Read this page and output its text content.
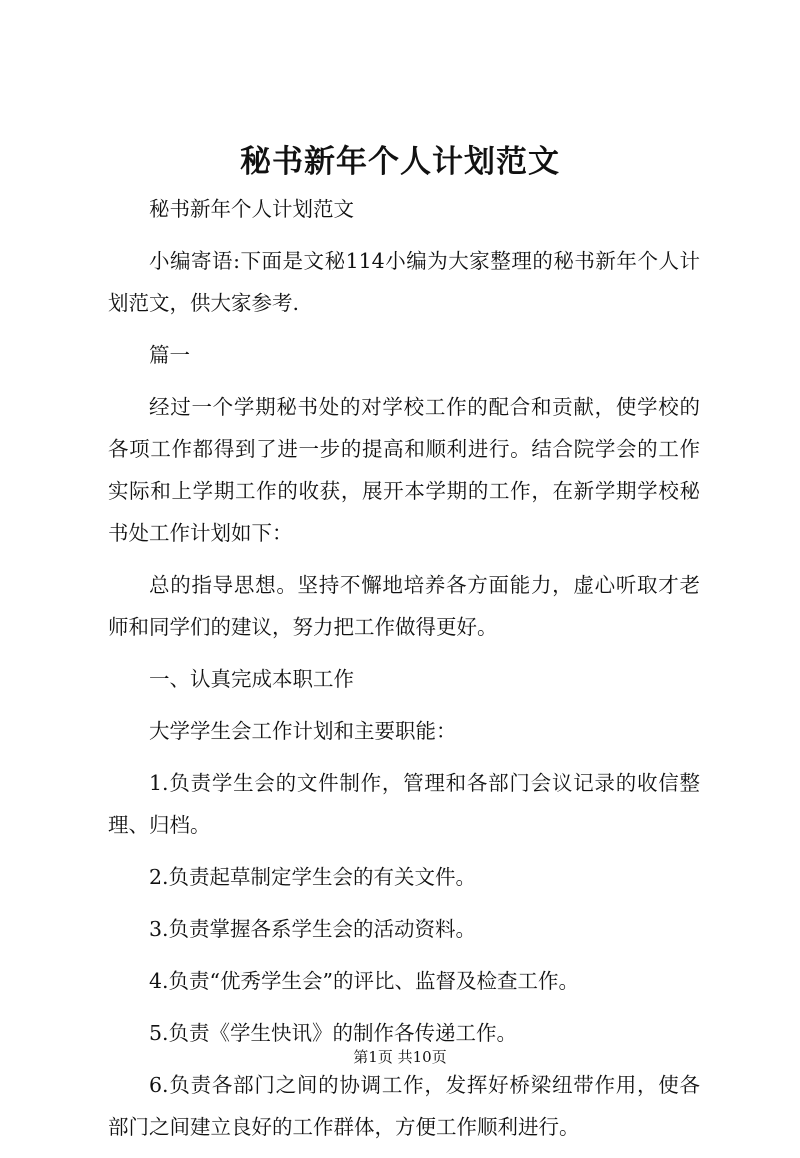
秘书新年个人计划范文

秘书新年个人计划范文

小编寄语:下面是文秘114小编为大家整理的秘书新年个人计划范文，供大家参考.

篇一

经过一个学期秘书处的对学校工作的配合和贡献，使学校的各项工作都得到了进一步的提高和顺利进行。结合院学会的工作实际和上学期工作的收获，展开本学期的工作，在新学期学校秘书处工作计划如下：

总的指导思想。坚持不懈地培养各方面能力，虚心听取才老师和同学们的建议，努力把工作做得更好。

一、认真完成本职工作

大学学生会工作计划和主要职能：

1.负责学生会的文件制作，管理和各部门会议记录的收信整理、归档。

2.负责起草制定学生会的有关文件。

3.负责掌握各系学生会的活动资料。

4.负责“优秀学生会”的评比、监督及检查工作。

5.负责《学生快讯》的制作各传递工作。

6.负责各部门之间的协调工作，发挥好桥梁纽带作用，使各部门之间建立良好的工作群体，方便工作顺利进行。

第1页 共10页
